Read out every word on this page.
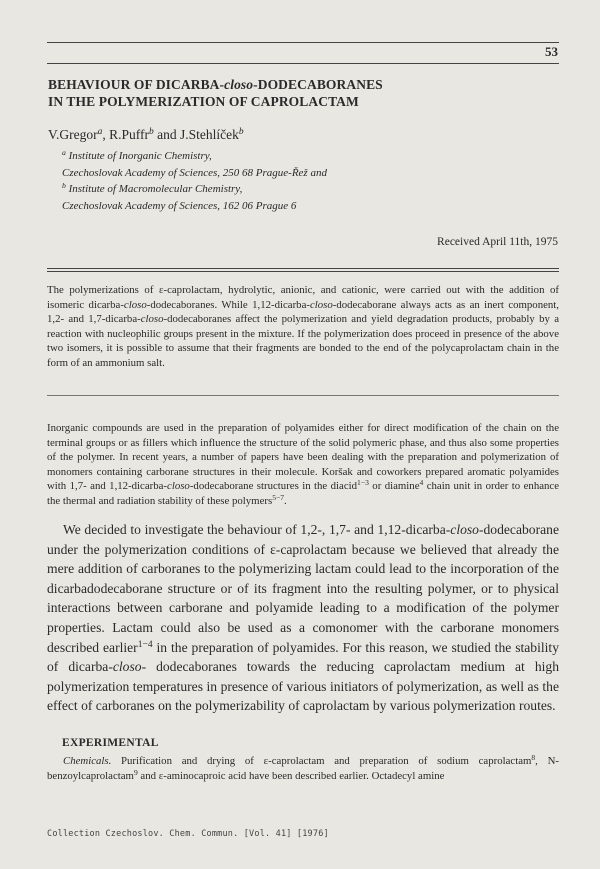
53
BEHAVIOUR OF DICARBA-closo-DODECABORANES
IN THE POLYMERIZATION OF CAPROLACTAM
V.Gregor$^a$, R.Puffr$^b$ and J.Stehlíček$^b$
$^a$ Institute of Inorganic Chemistry,
Czechoslovak Academy of Sciences, 250 68 Prague-Řež and
$^b$ Institute of Macromolecular Chemistry,
Czechoslovak Academy of Sciences, 162 06 Prague 6
Received April 11th, 1975
The polymerizations of ε-caprolactam, hydrolytic, anionic, and cationic, were carried out with the addition of isomeric dicarba-closo-dodecaboranes. While 1,12-dicarba-closo-dodecaborane always acts as an inert component, 1,2- and 1,7-dicarba-closo-dodecaboranes affect the polymerization and yield degradation products, probably by a reaction with nucleophilic groups present in the mixture. If the polymerization does proceed in presence of the above two isomers, it is possible to assume that their fragments are bonded to the end of the polycaprolactam chain in the form of an ammonium salt.
Inorganic compounds are used in the preparation of polyamides either for direct modification of the chain on the terminal groups or as fillers which influence the structure of the solid polymeric phase, and thus also some properties of the polymer. In recent years, a number of papers have been dealing with the preparation and polymerization of monomers containing carborane structures in their molecule. Koršak and coworkers prepared aromatic polyamides with 1,7- and 1,12-dicarba-closo-dodecaborane structures in the diacid$^{1-3}$ or diamine$^4$ chain unit in order to enhance the thermal and radiation stability of these polymers$^{5-7}$.

We decided to investigate the behaviour of 1,2-, 1,7- and 1,12-dicarba-closo-dodecaborane under the polymerization conditions of ε-caprolactam because we believed that already the mere addition of carboranes to the polymerizing lactam could lead to the incorporation of the dicarbadodecaborane structure or of its fragment into the resulting polymer, or to physical interactions between carborane and polyamide leading to a modification of the polymer properties. Lactam could also be used as a comonomer with the carborane monomers described earlier$^{1-4}$ in the preparation of polyamides. For this reason, we studied the stability of dicarba-closo- dodecaboranes towards the reducing caprolactam medium at high polymerization temperatures in presence of various initiators of polymerization, as well as the effect of carboranes on the polymerizability of caprolactam by various polymerization routes.

EXPERIMENTAL

Chemicals. Purification and drying of ε-caprolactam and preparation of sodium caprolactam$^8$, N-benzoylcaprolactam$^9$ and ε-aminocaproic acid have been described earlier. Octadecyl amine

Collection Czechoslov. Chem. Commun. [Vol. 41] [1976]
